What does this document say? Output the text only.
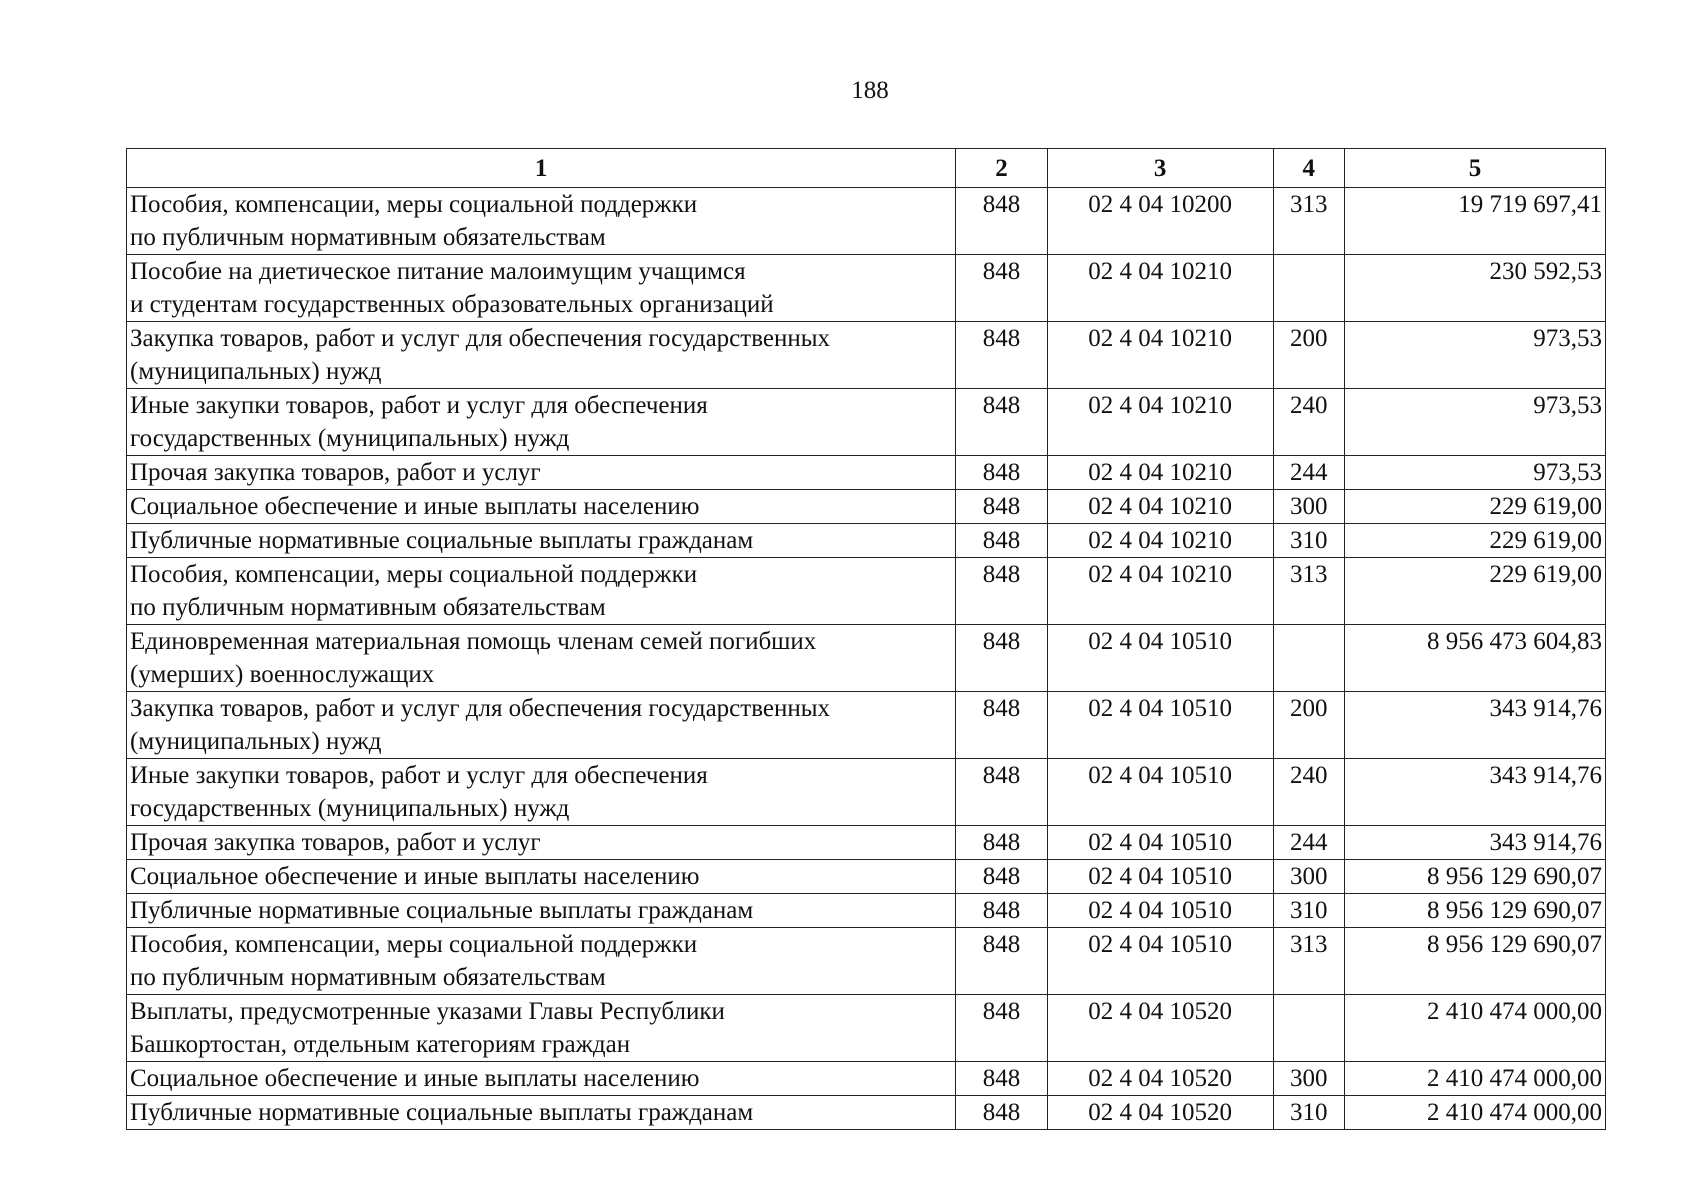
188
1	2	3	4	5
Пособия, компенсации, меры социальной поддержки
по публичным нормативным обязательствам	848	02 4 04 10200	313	19 719 697,41
Пособие на диетическое питание малоимущим учащимся
и студентам государственных образовательных организаций	848	02 4 04 10210		230 592,53
Закупка товаров, работ и услуг для обеспечения государственных
(муниципальных) нужд	848	02 4 04 10210	200	973,53
Иные закупки товаров, работ и услуг для обеспечения
государственных (муниципальных) нужд	848	02 4 04 10210	240	973,53
Прочая закупка товаров, работ и услуг	848	02 4 04 10210	244	973,53
Социальное обеспечение и иные выплаты населению	848	02 4 04 10210	300	229 619,00
Публичные нормативные социальные выплаты гражданам	848	02 4 04 10210	310	229 619,00
Пособия, компенсации, меры социальной поддержки
по публичным нормативным обязательствам	848	02 4 04 10210	313	229 619,00
Единовременная материальная помощь членам семей погибших
(умерших) военнослужащих	848	02 4 04 10510		8 956 473 604,83
Закупка товаров, работ и услуг для обеспечения государственных
(муниципальных) нужд	848	02 4 04 10510	200	343 914,76
Иные закупки товаров, работ и услуг для обеспечения
государственных (муниципальных) нужд	848	02 4 04 10510	240	343 914,76
Прочая закупка товаров, работ и услуг	848	02 4 04 10510	244	343 914,76
Социальное обеспечение и иные выплаты населению	848	02 4 04 10510	300	8 956 129 690,07
Публичные нормативные социальные выплаты гражданам	848	02 4 04 10510	310	8 956 129 690,07
Пособия, компенсации, меры социальной поддержки
по публичным нормативным обязательствам	848	02 4 04 10510	313	8 956 129 690,07
Выплаты, предусмотренные указами Главы Республики
Башкортостан, отдельным категориям граждан	848	02 4 04 10520		2 410 474 000,00
Социальное обеспечение и иные выплаты населению	848	02 4 04 10520	300	2 410 474 000,00
Публичные нормативные социальные выплаты гражданам	848	02 4 04 10520	310	2 410 474 000,00
